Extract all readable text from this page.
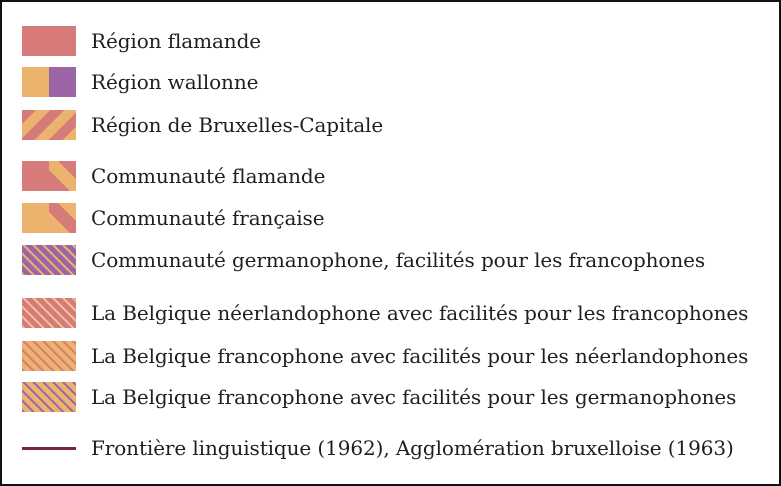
Région flamande
Région wallonne
Région de Bruxelles-Capitale
Communauté flamande
Communauté française
Communauté germanophone, facilités pour les francophones
La Belgique néerlandophone avec facilités pour les francophones
La Belgique francophone avec facilités pour les néerlandophones
La Belgique francophone avec facilités pour les germanophones
Frontière linguistique (1962), Agglomération bruxelloise (1963)
